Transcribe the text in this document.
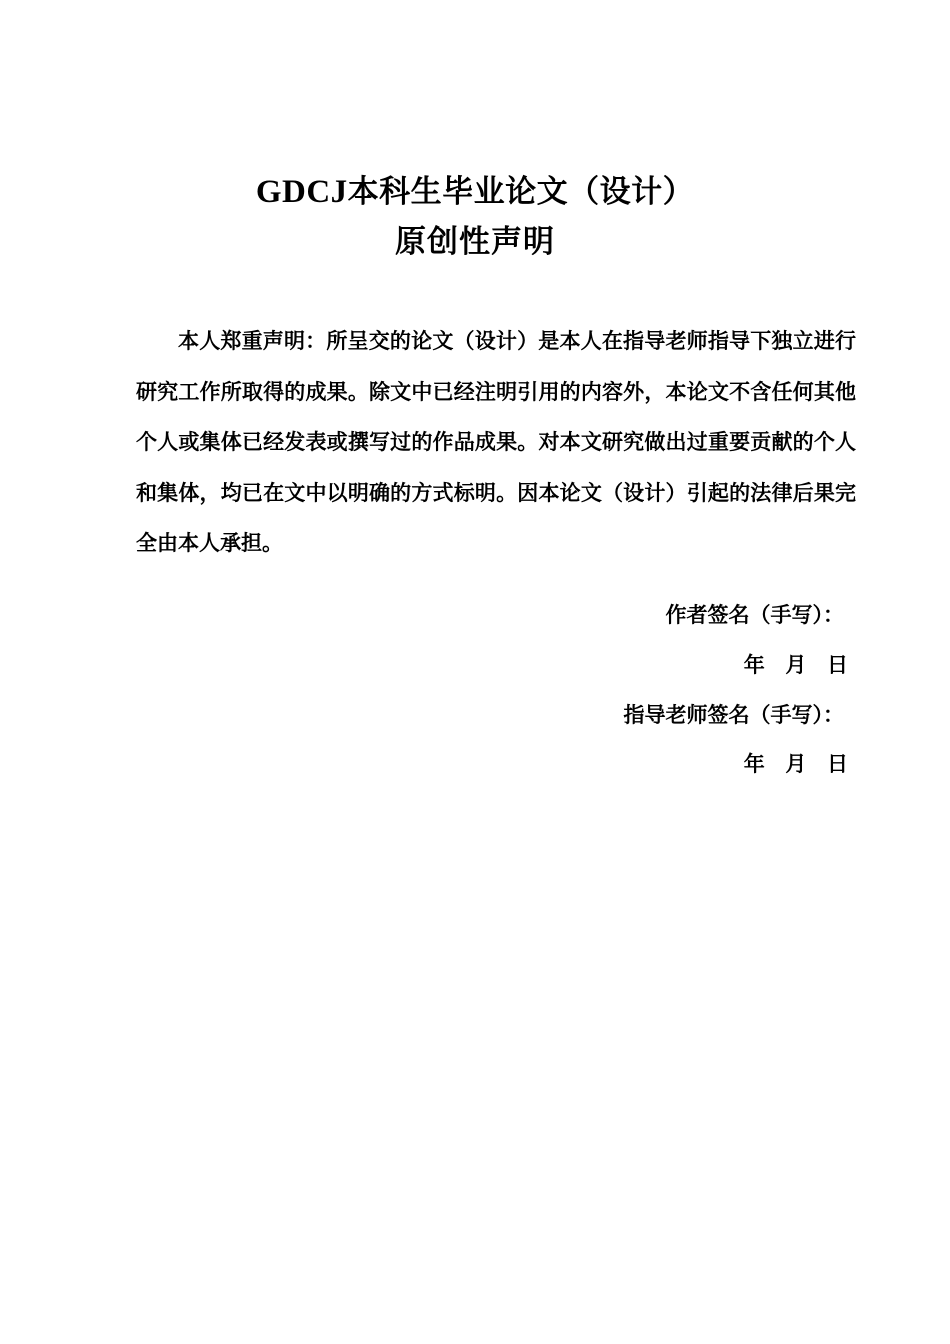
GDCJ本科生毕业论文（设计）
原创性声明

本人郑重声明：所呈交的论文（设计）是本人在指导老师指导下独立进行研究工作所取得的成果。除文中已经注明引用的内容外，本论文不含任何其他个人或集体已经发表或撰写过的作品成果。对本文研究做出过重要贡献的个人和集体，均已在文中以明确的方式标明。因本论文（设计）引起的法律后果完全由本人承担。

作者签名（手写）：
年  月  日
指导老师签名（手写）：
年  月  日
